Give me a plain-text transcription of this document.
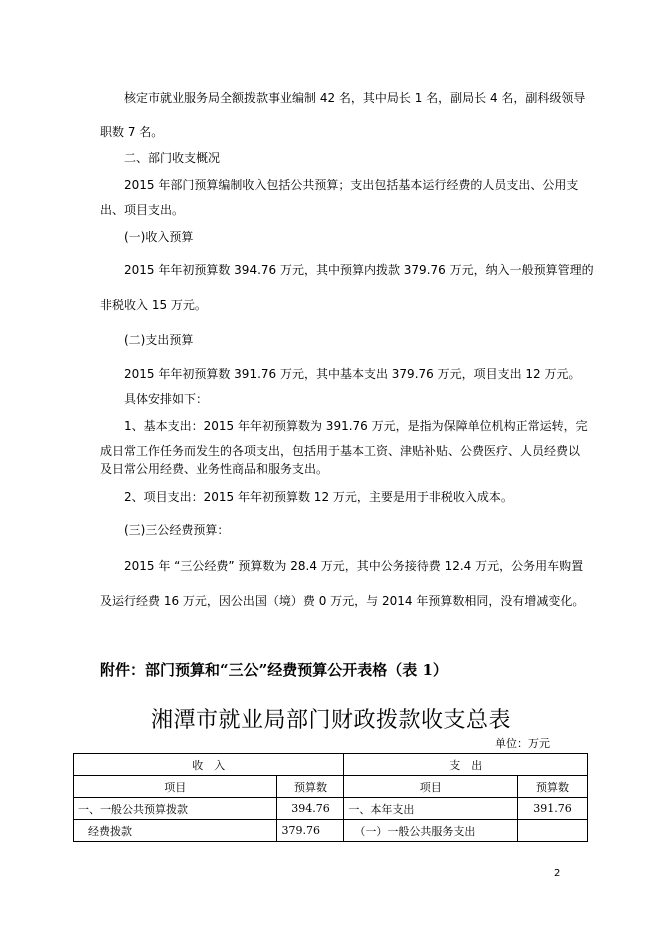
核定市就业服务局全额拨款事业编制 42 名，其中局长 1 名，副局长 4 名，副科级领导
职数 7 名。
二、部门收支概况
2015 年部门预算编制收入包括公共预算；支出包括基本运行经费的人员支出、公用支
出、项目支出。
(一)收入预算
2015 年年初预算数 394.76 万元，其中预算内拨款 379.76 万元，纳入一般预算管理的
非税收入 15 万元。
(二)支出预算
2015 年年初预算数 391.76 万元，其中基本支出 379.76 万元，项目支出 12 万元。
具体安排如下：
1、基本支出：2015 年年初预算数为 391.76 万元，是指为保障单位机构正常运转，完
成日常工作任务而发生的各项支出，包括用于基本工资、津贴补贴、公费医疗、人员经费以
及日常公用经费、业务性商品和服务支出。
2、项目支出：2015 年年初预算数 12 万元，主要是用于非税收入成本。
(三)三公经费预算：
2015 年 “三公经费” 预算数为 28.4 万元，其中公务接待费 12.4 万元，公务用车购置
及运行经费 16 万元，因公出国（境）费 0 万元，与 2014 年预算数相同，没有增减变化。
附件：部门预算和“三公”经费预算公开表格（表 1）
湘潭市就业局部门财政拨款收支总表
单位：万元
收　入		支　出	
项目	预算数	项目	预算数
一、一般公共预算拨款	394.76	一、本年支出	391.76
经费拨款	379.76	（一）一般公共服务支出	
2
